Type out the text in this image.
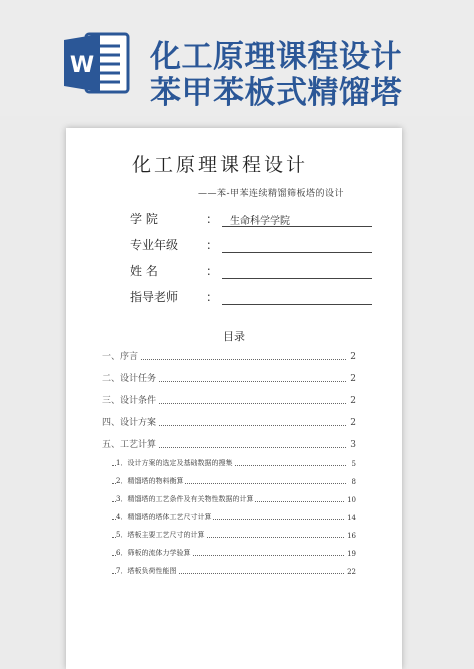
W 化工原理课程设计
苯甲苯板式精馏塔
化工原理课程设计
——苯-甲苯连续精馏筛板塔的设计
学 院	： 生命科学学院
专业年级	：
姓 名	：
指导老师	：
目录
一、序言	2
二、设计任务	2
三、设计条件	2
四、设计方案	2
五、工艺计算	3
1．设计方案的选定及基础数据的搜集	5
2．精馏塔的物料衡算	8
3．精馏塔的工艺条件及有关物性数据的计算	10
4．精馏塔的塔体工艺尺寸计算	14
5．塔板主要工艺尺寸的计算	16
6．筛板的流体力学验算	19
7．塔板负荷性能图	22
